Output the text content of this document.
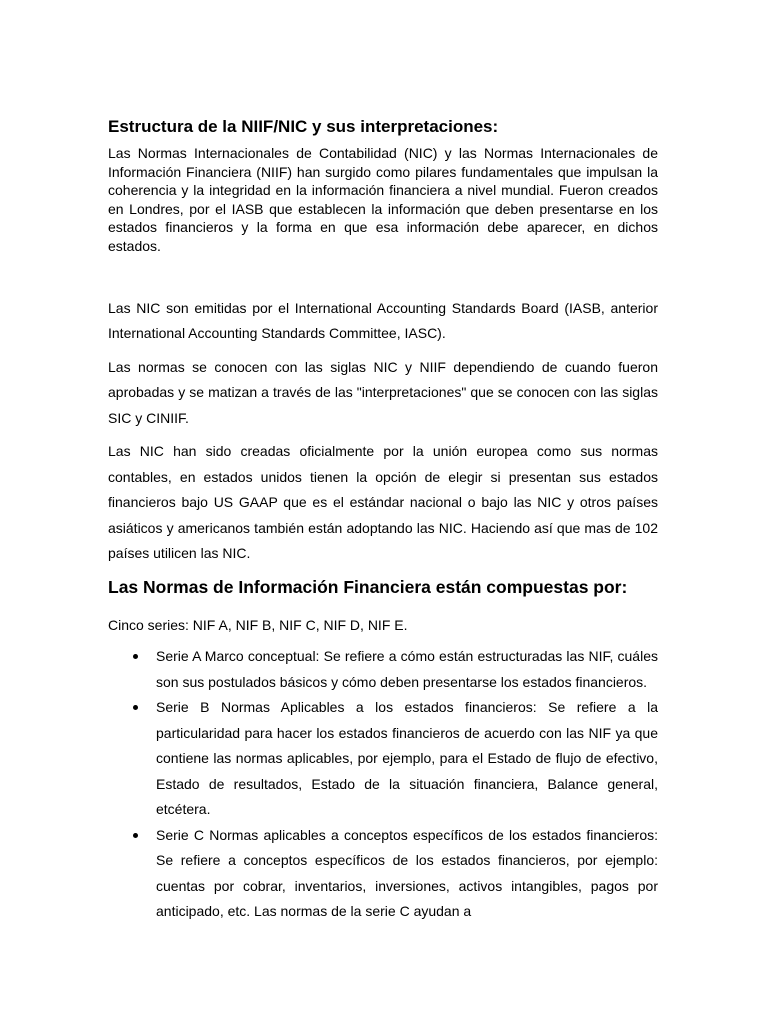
Estructura de la NIIF/NIC y sus interpretaciones:

Las Normas Internacionales de Contabilidad (NIC) y las Normas Internacionales de Información Financiera (NIIF) han surgido como pilares fundamentales que impulsan la coherencia y la integridad en la información financiera a nivel mundial. Fueron creados en Londres, por el IASB que establecen la información que deben presentarse en los estados financieros y la forma en que esa información debe aparecer, en dichos estados.

Las NIC son emitidas por el International Accounting Standards Board (IASB, anterior International Accounting Standards Committee, IASC).

Las normas se conocen con las siglas NIC y NIIF dependiendo de cuando fueron aprobadas y se matizan a través de las "interpretaciones" que se conocen con las siglas SIC y CINIIF.

Las NIC han sido creadas oficialmente por la unión europea como sus normas contables, en estados unidos tienen la opción de elegir si presentan sus estados financieros bajo US GAAP que es el estándar nacional o bajo las NIC y otros países asiáticos y americanos también están adoptando las NIC. Haciendo así que mas de 102 países utilicen las NIC.

Las Normas de Información Financiera están compuestas por:

Cinco series: NIF A, NIF B, NIF C, NIF D, NIF E.

Serie A Marco conceptual: Se refiere a cómo están estructuradas las NIF, cuáles son sus postulados básicos y cómo deben presentarse los estados financieros.
Serie B Normas Aplicables a los estados financieros: Se refiere a la particularidad para hacer los estados financieros de acuerdo con las NIF ya que contiene las normas aplicables, por ejemplo, para el Estado de flujo de efectivo, Estado de resultados, Estado de la situación financiera, Balance general, etcétera.
Serie C Normas aplicables a conceptos específicos de los estados financieros: Se refiere a conceptos específicos de los estados financieros, por ejemplo: cuentas por cobrar, inventarios, inversiones, activos intangibles, pagos por anticipado, etc. Las normas de la serie C ayudan a
